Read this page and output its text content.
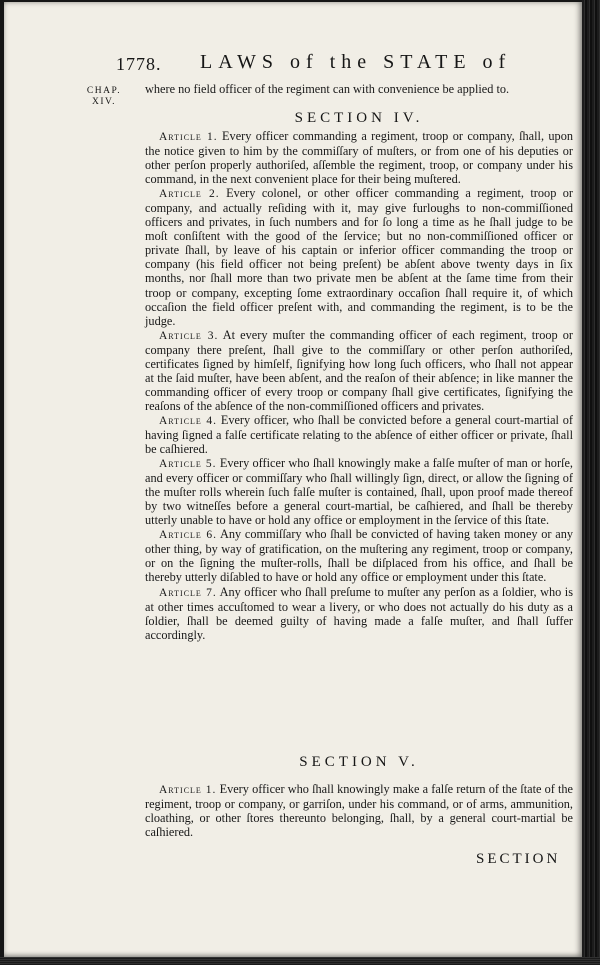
1778. LAWS of the STATE of
CHAP.
XIV.

where no field officer of the regiment can with convenience be applied to.

SECTION IV.

Article 1. Every officer commanding a regiment, troop or company, ſhall, upon the notice given to him by the commiſſary of muſters, or from one of his deputies or other perſon properly authoriſed, aſſemble the regiment, troop, or company under his command, in the next convenient place for their being muſtered.

Article 2. Every colonel, or other officer commanding a regiment, troop or company, and actually reſiding with it, may give furloughs to non-commiſſioned officers and privates, in ſuch numbers and for ſo long a time as he ſhall judge to be moſt conſiſtent with the good of the ſervice; but no non-commiſſioned officer or private ſhall, by leave of his captain or inferior officer commanding the troop or company (his field officer not being preſent) be abſent above twenty days in ſix months, nor ſhall more than two private men be abſent at the ſame time from their troop or company, excepting ſome extraordinary occaſion ſhall require it, of which occaſion the field officer preſent with, and commanding the regiment, is to be the judge.

Article 3. At every muſter the commanding officer of each regiment, troop or company there preſent, ſhall give to the commiſſary or other perſon authoriſed, certificates ſigned by himſelf, ſignifying how long ſuch officers, who ſhall not appear at the ſaid muſter, have been abſent, and the reaſon of their abſence; in like manner the commanding officer of every troop or company ſhall give certificates, ſignifying the reaſons of the abſence of the non-commiſſioned officers and privates.

Article 4. Every officer, who ſhall be convicted before a general court-martial of having ſigned a falſe certificate relating to the abſence of either officer or private, ſhall be caſhiered.

Article 5. Every officer who ſhall knowingly make a falſe muſter of man or horſe, and every officer or commiſſary who ſhall willingly ſign, direct, or allow the ſigning of the muſter rolls wherein ſuch falſe muſter is contained, ſhall, upon proof made thereof by two witneſſes before a general court-martial, be caſhiered, and ſhall be thereby utterly unable to have or hold any office or employment in the ſervice of this ſtate.

Article 6. Any commiſſary who ſhall be convicted of having taken money or any other thing, by way of gratification, on the muſtering any regiment, troop or company, or on the ſigning the muſter-rolls, ſhall be diſplaced from his office, and ſhall be thereby utterly diſabled to have or hold any office or employment under this ſtate.

Article 7. Any officer who ſhall preſume to muſter any perſon as a ſoldier, who is at other times accuſtomed to wear a livery, or who does not actually do his duty as a ſoldier, ſhall be deemed guilty of having made a falſe muſter, and ſhall ſuffer accordingly.

SECTION V.

Article 1. Every officer who ſhall knowingly make a falſe return of the ſtate of the regiment, troop or company, or garriſon, under his command, or of arms, ammunition, cloathing, or other ſtores thereunto belonging, ſhall, by a general court-martial be caſhiered.

SECTION
